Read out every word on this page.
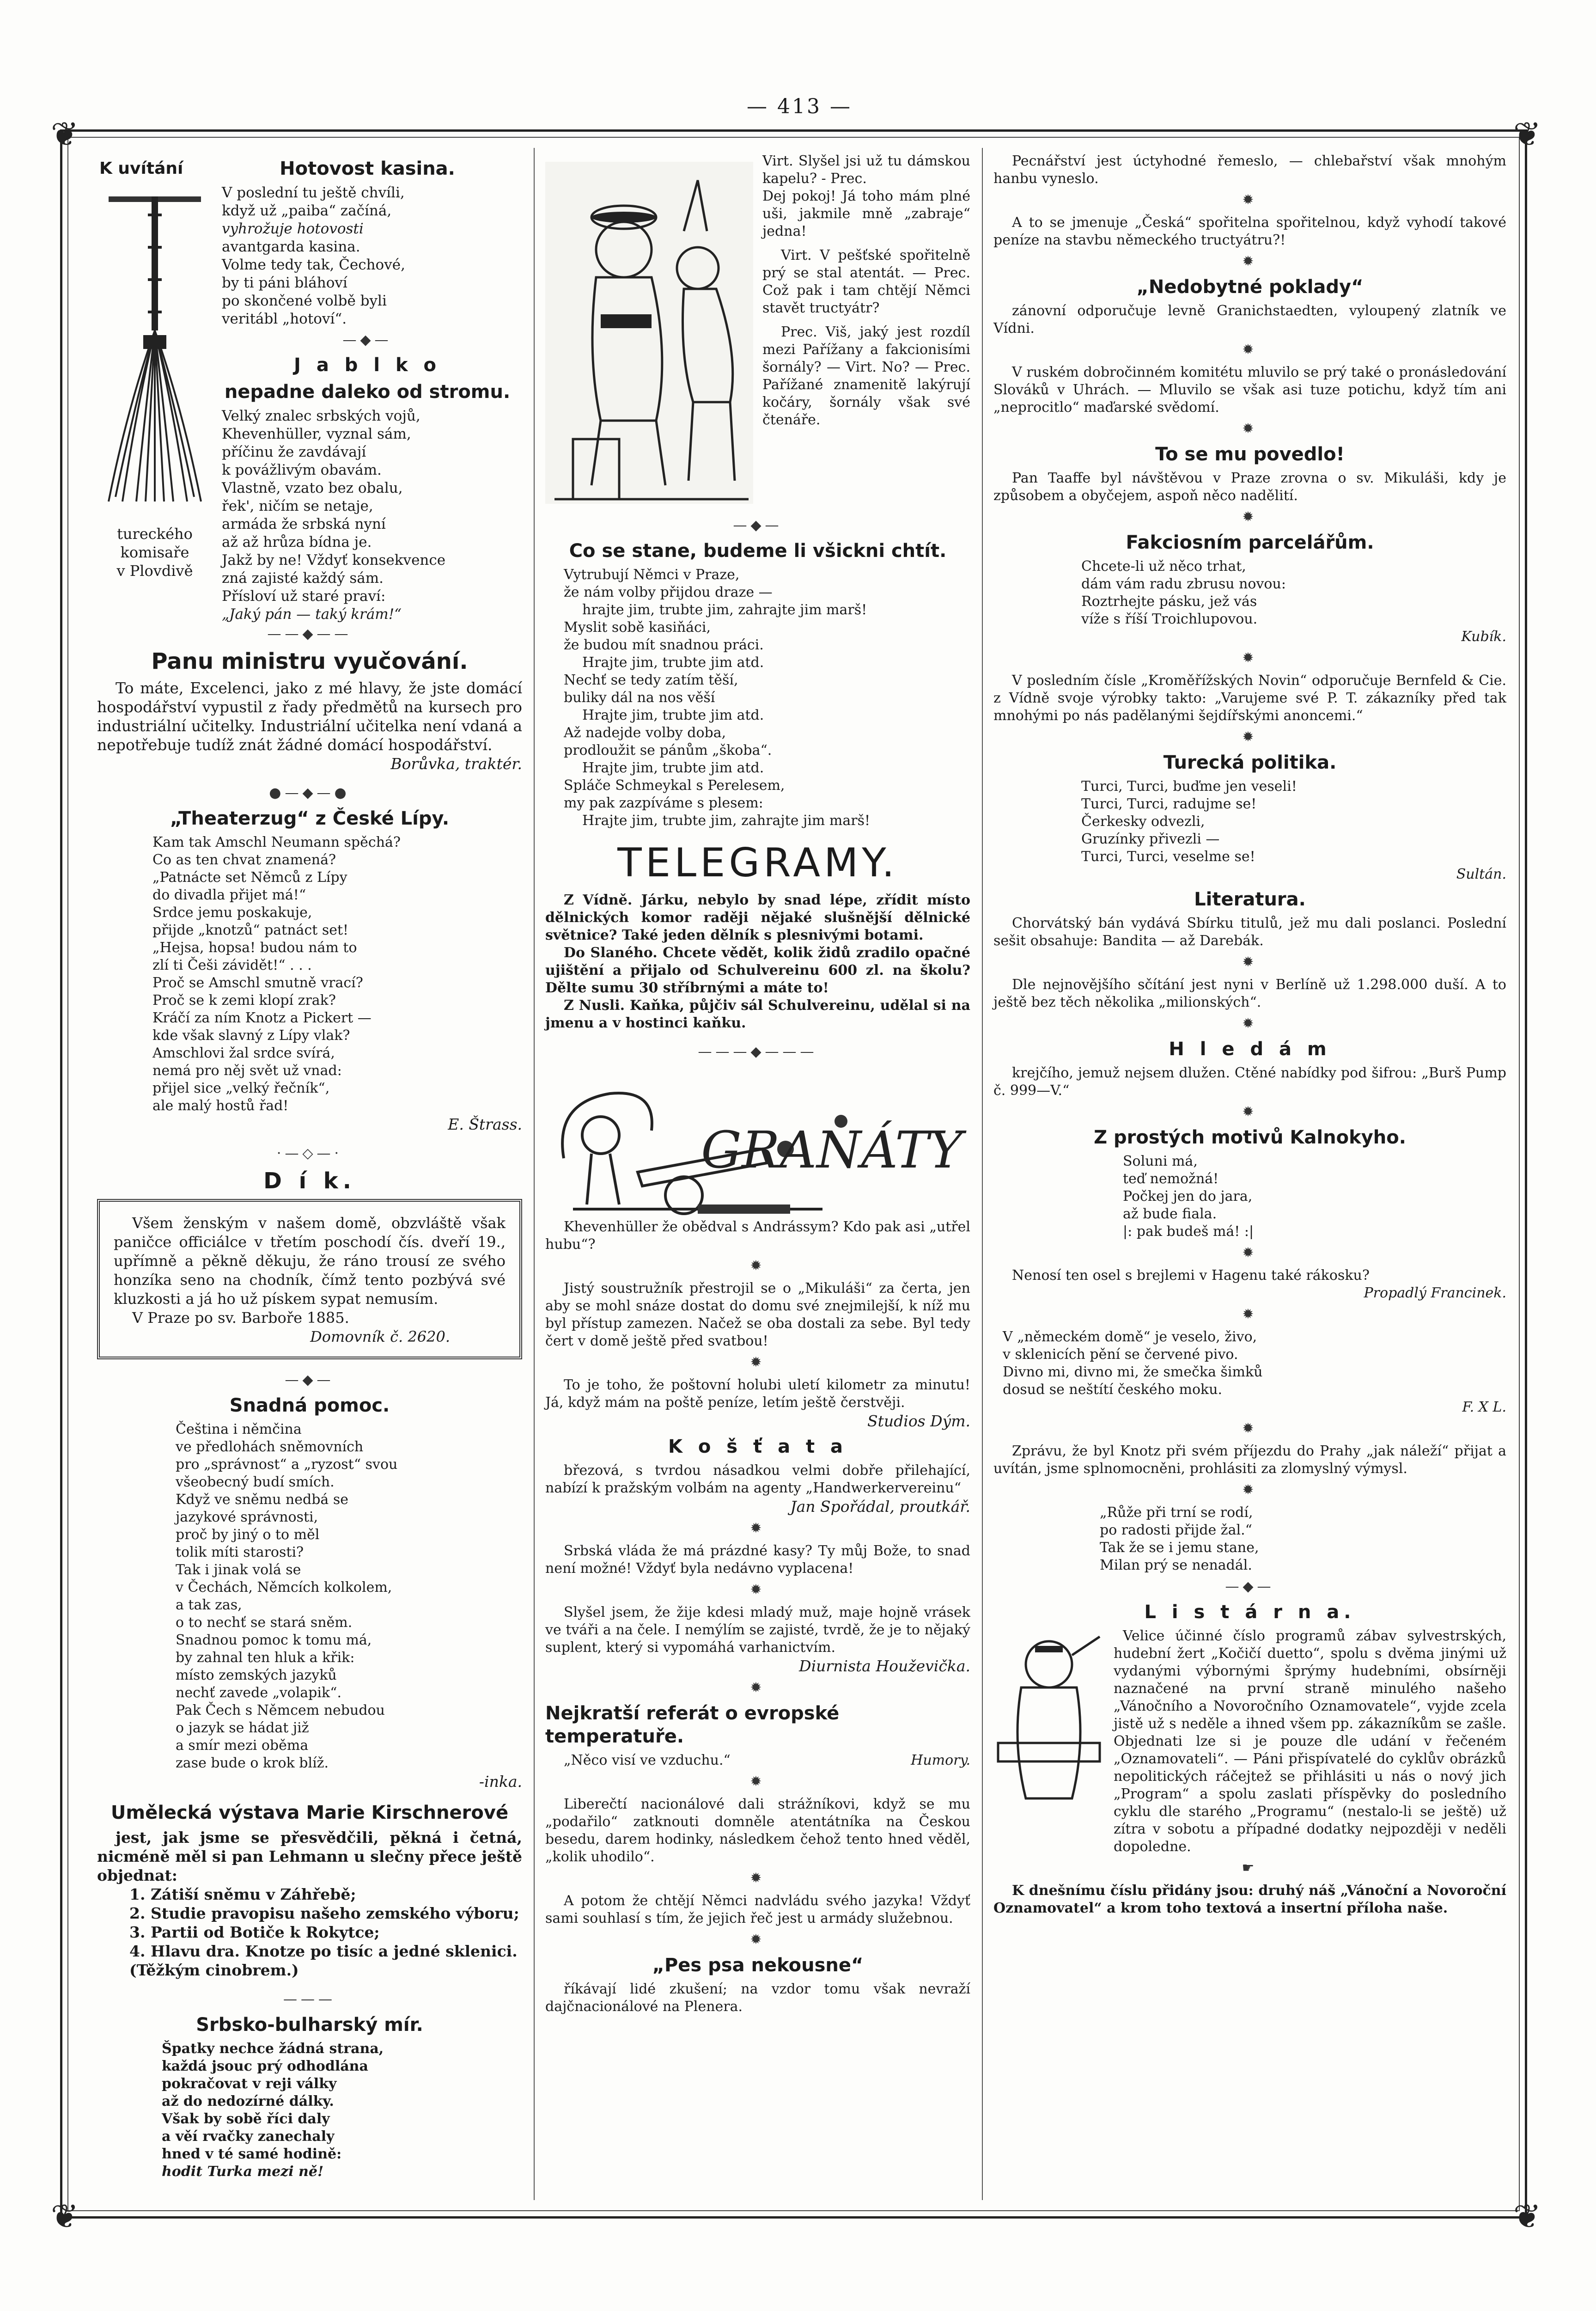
— 413 —
❦	❦
❦	❦
K uvítání
tureckého
komisaře
v Plovdivě
Hotovost kasina.
V poslední tu ještě chvíli,
když už „paiba“ začíná,
vyhrožuje hotovosti
avantgarda kasina.
Volme tedy tak, Čechové,
by ti páni bláhoví
po skončené volbě byli
veritábl „hotoví“.
—◆—
J a b l k o
nepadne daleko od stromu.
Velký znalec srbských vojů,
Khevenhüller, vyznal sám,
příčinu že zavdávají
k povážlivým obavám.
Vlastně, vzato bez obalu,
řek', ničím se netaje,
armáda že srbská nyní
až až hrůza bídna je.
Jakž by ne! Vždyť konsekvence
zná zajisté každý sám.
Přísloví už staré praví:
„Jaký pán — taký krám!“
——◆——
Panu ministru vyučování.

To máte, Excelenci, jako z mé hlavy, že jste domácí hospodářství vypustil z řady předmětů na kursech pro industriální učitelky. Industriální učitelka není vdaná a nepotřebuje tudíž znát žádné domácí hospodářství.

Borůvka, traktér.
●—◆—●
„Theaterzug“ z České Lípy.
Kam tak Amschl Neumann spěchá?
Co as ten chvat znamená?
„Patnácte set Němců z Lípy
do divadla přijet má!“
Srdce jemu poskakuje,
přijde „knotzů“ patnáct set!
„Hejsa, hopsa! budou nám to
zlí ti Češi závidět!“ . . .
Proč se Amschl smutně vrací?
Proč se k zemi klopí zrak?
Kráčí za ním Knotz a Pickert —
kde však slavný z Lípy vlak?
Amschlovi žal srdce svírá,
nemá pro něj svět už vnad:
přijel sice „velký řečník“,
ale malý hostů řad!
E. Štrass.
·—◇—·
D í k.

Všem ženským v našem domě, obzvláště však paničce officiálce v třetím poschodí čís. dveří 19., upřímně a pěkně děkuju, že ráno trousí ze svého honzíka seno na chodník, čímž tento pozbývá své kluzkosti a já ho už pískem sypat nemusím.

V Praze po sv. Barboře 1885.
Domovník č. 2620.
—◆—
Snadná pomoc.
Čeština i němčina
ve předlohách sněmovních
pro „správnost“ a „ryzost“ svou
všeobecný budí smích.
Když ve sněmu nedbá se
jazykové správnosti,
proč by jiný o to měl
tolik míti starosti?
Tak i jinak volá se
v Čechách, Němcích kolkolem,
a tak zas,
o to nechť se stará sněm.
Snadnou pomoc k tomu má,
by zahnal ten hluk a křik:
místo zemských jazyků
nechť zavede „volapik“.
Pak Čech s Němcem nebudou
o jazyk se hádat již
a smír mezi oběma
zase bude o krok blíž.
-inka.
Umělecká výstava Marie Kirschnerové

jest, jak jsme se přesvědčili, pěkná i četná, nicméně měl si pan Lehmann u slečny přece ještě objednat:

1. Zátiší sněmu v Záhřebě;
2. Studie pravopisu našeho zemského výboru;
3. Partii od Botiče k Rokytce;
4. Hlavu dra. Knotze po tisíc a jedné sklenici. (Těžkým cinobrem.)
———
Srbsko-bulharský mír.
Špatky nechce žádná strana,
každá jsouc prý odhodlána
pokračovat v reji války
až do nedozírné dálky.
Však by sobě říci daly
a věí rvačky zanechaly
hned v té samé hodině:
hodit Turka mezi ně!

Virt. Slyšel jsi už tu dámskou kapelu? - Prec.

Dej pokoj! Já toho mám plné uši, jakmile mně „zabraje“ jedna!

Virt. V pešťské spořitelně prý se stal atentát. — Prec. Což pak i tam chtějí Němci stavět tructyátr?

Prec. Viš, jaký jest rozdíl mezi Pařížany a fakcionisími šornály? — Virt. No? — Prec. Pařížané znamenitě lakýrují kočáry, šornály však své čtenáře.

—◆—
Co se stane, budeme li všickni chtít.
Vytrubují Němci v Praze,
že nám volby přijdou draze —
hrajte jim, trubte jim, zahrajte jim marš!
Myslit sobě kasiňáci,
že budou mít snadnou práci.
Hrajte jim, trubte jim atd.
Nechť se tedy zatím těší,
buliky dál na nos věší
Hrajte jim, trubte jim atd.
Až nadejde volby doba,
prodloužit se pánům „škoba“.
Hrajte jim, trubte jim atd.
Spláče Schmeykal s Perelesem,
my pak zazpíváme s plesem:
Hrajte jim, trubte jim, zahrajte jim marš!
TELEGRAMY.

Z Vídně. Járku, nebylo by snad lépe, zřídit místo dělnických komor raději nějaké slušnější dělnické světnice? Také jeden dělník s plesnivými botami.

Do Slaného. Chcete vědět, kolik židů zradilo opačné ujištění a přijalo od Schulvereinu 600 zl. na školu? Dělte sumu 30 stříbrnými a máte to!

Z Nusli. Kaňka, půjčiv sál Schulvereinu, udělal si na jmenu a v hostinci kaňku.

———◆———
GRANÁTY

Khevenhüller že obědval s Andrássym? Kdo pak asi „utřel hubu“?

✹

Jistý soustružník přestrojil se o „Mikuláši“ za čerta, jen aby se mohl snáze dostat do domu své znejmilejší, k níž mu byl přístup zamezen. Načež se oba dostali za sebe. Byl tedy čert v domě ještě před svatbou!

✹

To je toho, že poštovní holubi uletí kilometr za minutu! Já, když mám na poště peníze, letím ještě čerstvěji.

Studios Dým.
K o š ť a t a

březová, s tvrdou násadkou velmi dobře přilehající, nabízí k pražským volbám na agenty „Handwerkervereinu“

Jan Spořádal, proutkář.
✹

Srbská vláda že má prázdné kasy? Ty můj Bože, to snad není možné! Vždyť byla nedávno vyplacena!

✹

Slyšel jsem, že žije kdesi mladý muž, maje hojně vrásek ve tváři a na čele. I nemýlím se zajisté, tvrdě, že je to nějaký suplent, který si vypomáhá varhanictvím.

Diurnista Houževička.
✹
Nejkratší referát o evropské temperatuře.
„Něco visí ve vzduchu.“	Humory.
✹

Liberečtí nacionálové dali strážníkovi, když se mu „podařilo“ zatknouti domněle atentátníka na Českou besedu, darem hodinky, následkem čehož tento hned věděl, „kolik uhodilo“.

✹

A potom že chtějí Němci nadvládu svého jazyka! Vždyť sami souhlasí s tím, že jejich řeč jest u armády služebnou.

✹
„Pes psa nekousne“

říkávají lidé zkušení; na vzdor tomu však nevraží dajčnacionálové na Plenera.

Pecnářství jest úctyhodné řemeslo, — chlebařství však mnohým hanbu vyneslo.

✹

A to se jmenuje „Česká“ spořitelna spořitelnou, když vyhodí takové peníze na stavbu německého tructyátru?!

✹
„Nedobytné poklady“

zánovní odporučuje levně Granichstaedten, vyloupený zlatník ve Vídni.

✹

V ruském dobročinném komitétu mluvilo se prý také o pronásledování Slováků v Uhrách. — Mluvilo se však asi tuze potichu, když tím ani „neprocitlo“ maďarské svědomí.

✹
To se mu povedlo!

Pan Taaffe byl návštěvou v Praze zrovna o sv. Mikuláši, kdy je způsobem a obyčejem, aspoň něco nadělití.

✹
Fakciosním parcelářům.
Chcete-li už něco trhat,
dám vám radu zbrusu novou:
Roztrhejte pásku, jež vás
víže s říší Troichlupovou.
Kubík.
✹

V posledním čísle „Kroměřížských Novin“ odporučuje Bernfeld & Cie. z Vídně svoje výrobky takto: „Varujeme své P. T. zákazníky před tak mnohými po nás padělanými šejdířskými anoncemi.“

✹
Turecká politika.
Turci, Turci, buďme jen veseli!
Turci, Turci, radujme se!
Čerkesky odvezli,
Gruzínky přivezli —
Turci, Turci, veselme se!
Sultán.
Literatura.

Chorvátský bán vydává Sbírku titulů, jež mu dali poslanci. Poslední sešit obsahuje: Bandita — až Darebák.

✹

Dle nejnovějšího sčítání jest nyni v Berlíně už 1.298.000 duší. A to ještě bez těch několika „milionských“.

✹
H l e d á m

krejčího, jemuž nejsem dlužen. Ctěné nabídky pod šifrou: „Burš Pump č. 999—V.“

✹
Z prostých motivů Kalnokyho.
Soluni má,
teď nemožná!
Počkej jen do jara,
až bude fiala.
|: pak budeš má! :|
✹

Nenosí ten osel s brejlemi v Hagenu také rákosku?

Propadlý Francinek.
✹
V „německém domě“ je veselo, živo,
v sklenicích pění se červené pivo.
Divno mi, divno mi, že smečka šimků
dosud se neštítí českého moku.
F. X L.
✹

Zprávu, že byl Knotz při svém příjezdu do Prahy „jak náleží“ přijat a uvítán, jsme splnomocněni, prohlásiti za zlomyslný výmysl.

✹
„Růže při trní se rodí,
po radosti přijde žal.“
Tak že se i jemu stane,
Milan prý se nenadál.
—◆—
L i s t á r n a.

Velice účinné číslo programů zábav sylvestrských, hudební žert „Kočičí duetto“, spolu s dvěma jinými už vydanými výbornými šprýmy hudebními, obsírněji naznačené na první straně minulého našeho „Vánočního a Novoročního Oznamovatele“, vyjde zcela jistě už s neděle a ihned všem pp. zákazníkům se zašle. Objednati lze si je pouze dle udání v řečeném „Oznamovateli“. — Páni přispívatelé do cyklův obrázků nepolitických ráčejtež se přihlásiti u nás o nový jich „Program“ a spolu zaslati příspěvky do posledního cyklu dle starého „Programu“ (nestalo-li se ještě) už zítra v sobotu a případné dodatky nejpozději v neděli dopoledne.

☛

K dnešnímu číslu přidány jsou: druhý náš „Vánoční a Novoroční Oznamovatel“ a krom toho textová a insertní příloha naše.
